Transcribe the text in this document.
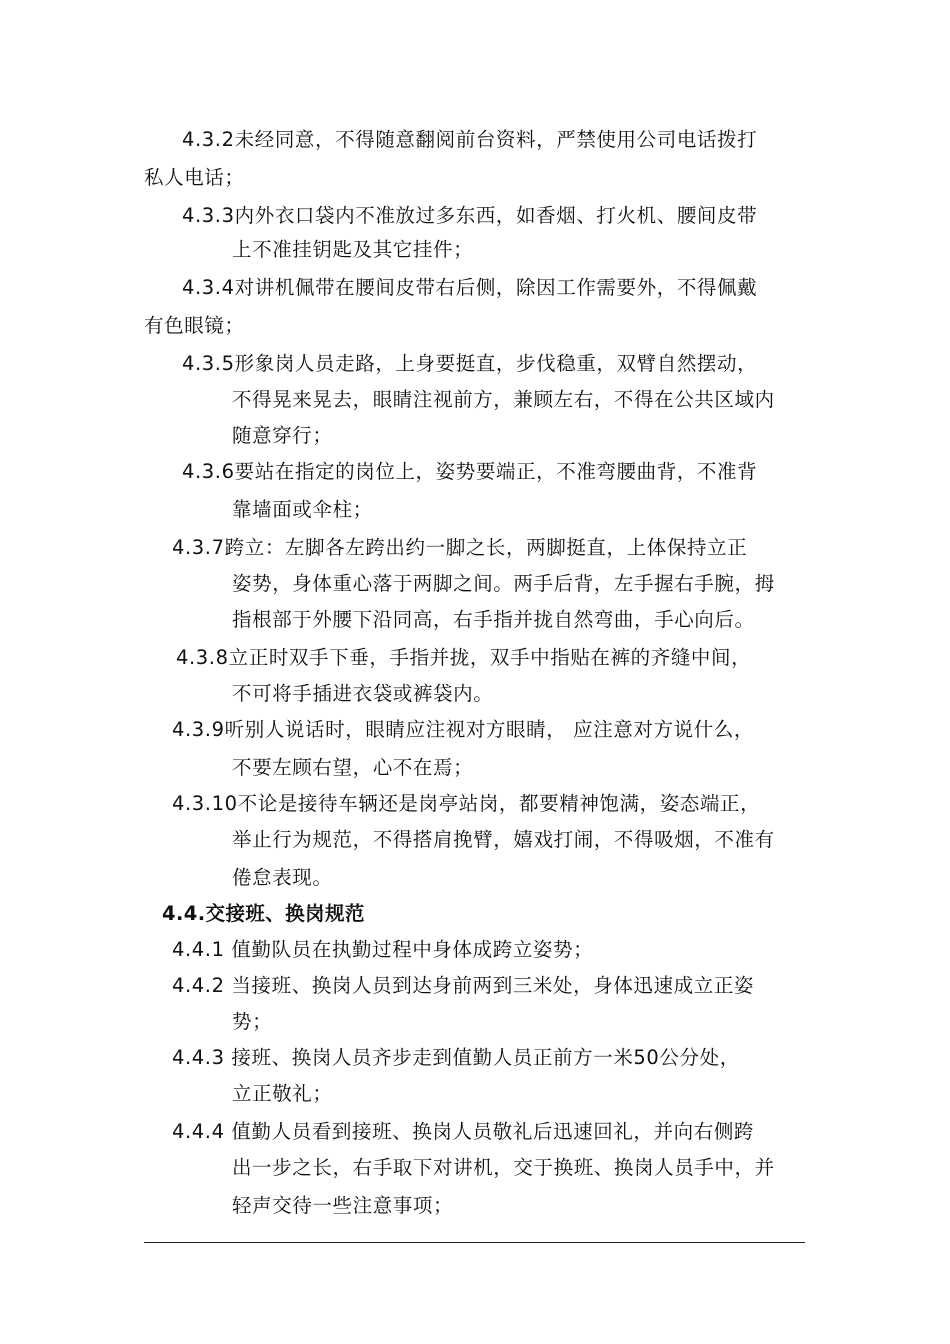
4.3.2未经同意，不得随意翻阅前台资料，严禁使用公司电话拨打
私人电话；
4.3.3内外衣口袋内不准放过多东西，如香烟、打火机、腰间皮带
上不准挂钥匙及其它挂件；
4.3.4对讲机佩带在腰间皮带右后侧，除因工作需要外，不得佩戴
有色眼镜；
4.3.5形象岗人员走路，上身要挺直，步伐稳重，双臂自然摆动，
不得晃来晃去，眼睛注视前方，兼顾左右，不得在公共区域内
随意穿行；
4.3.6要站在指定的岗位上，姿势要端正，不准弯腰曲背，不准背
靠墙面或伞柱；
4.3.7跨立：左脚各左跨出约一脚之长，两脚挺直，上体保持立正
姿势，身体重心落于两脚之间。两手后背，左手握右手腕，拇
指根部于外腰下沿同高，右手指并拢自然弯曲，手心向后。
4.3.8立正时双手下垂，手指并拢，双手中指贴在裤的齐缝中间，
不可将手插进衣袋或裤袋内。
4.3.9听别人说话时，眼睛应注视对方眼睛， 应注意对方说什么，
不要左顾右望，心不在焉；
4.3.10不论是接待车辆还是岗亭站岗，都要精神饱满，姿态端正，
举止行为规范，不得搭肩挽臂，嬉戏打闹，不得吸烟，不准有
倦怠表现。
4.4.交接班、换岗规范
4.4.1 值勤队员在执勤过程中身体成跨立姿势；
4.4.2 当接班、换岗人员到达身前两到三米处，身体迅速成立正姿
势；
4.4.3 接班、换岗人员齐步走到值勤人员正前方一米50公分处，
立正敬礼；
4.4.4 值勤人员看到接班、换岗人员敬礼后迅速回礼，并向右侧跨
出一步之长，右手取下对讲机，交于换班、换岗人员手中，并
轻声交待一些注意事项；
